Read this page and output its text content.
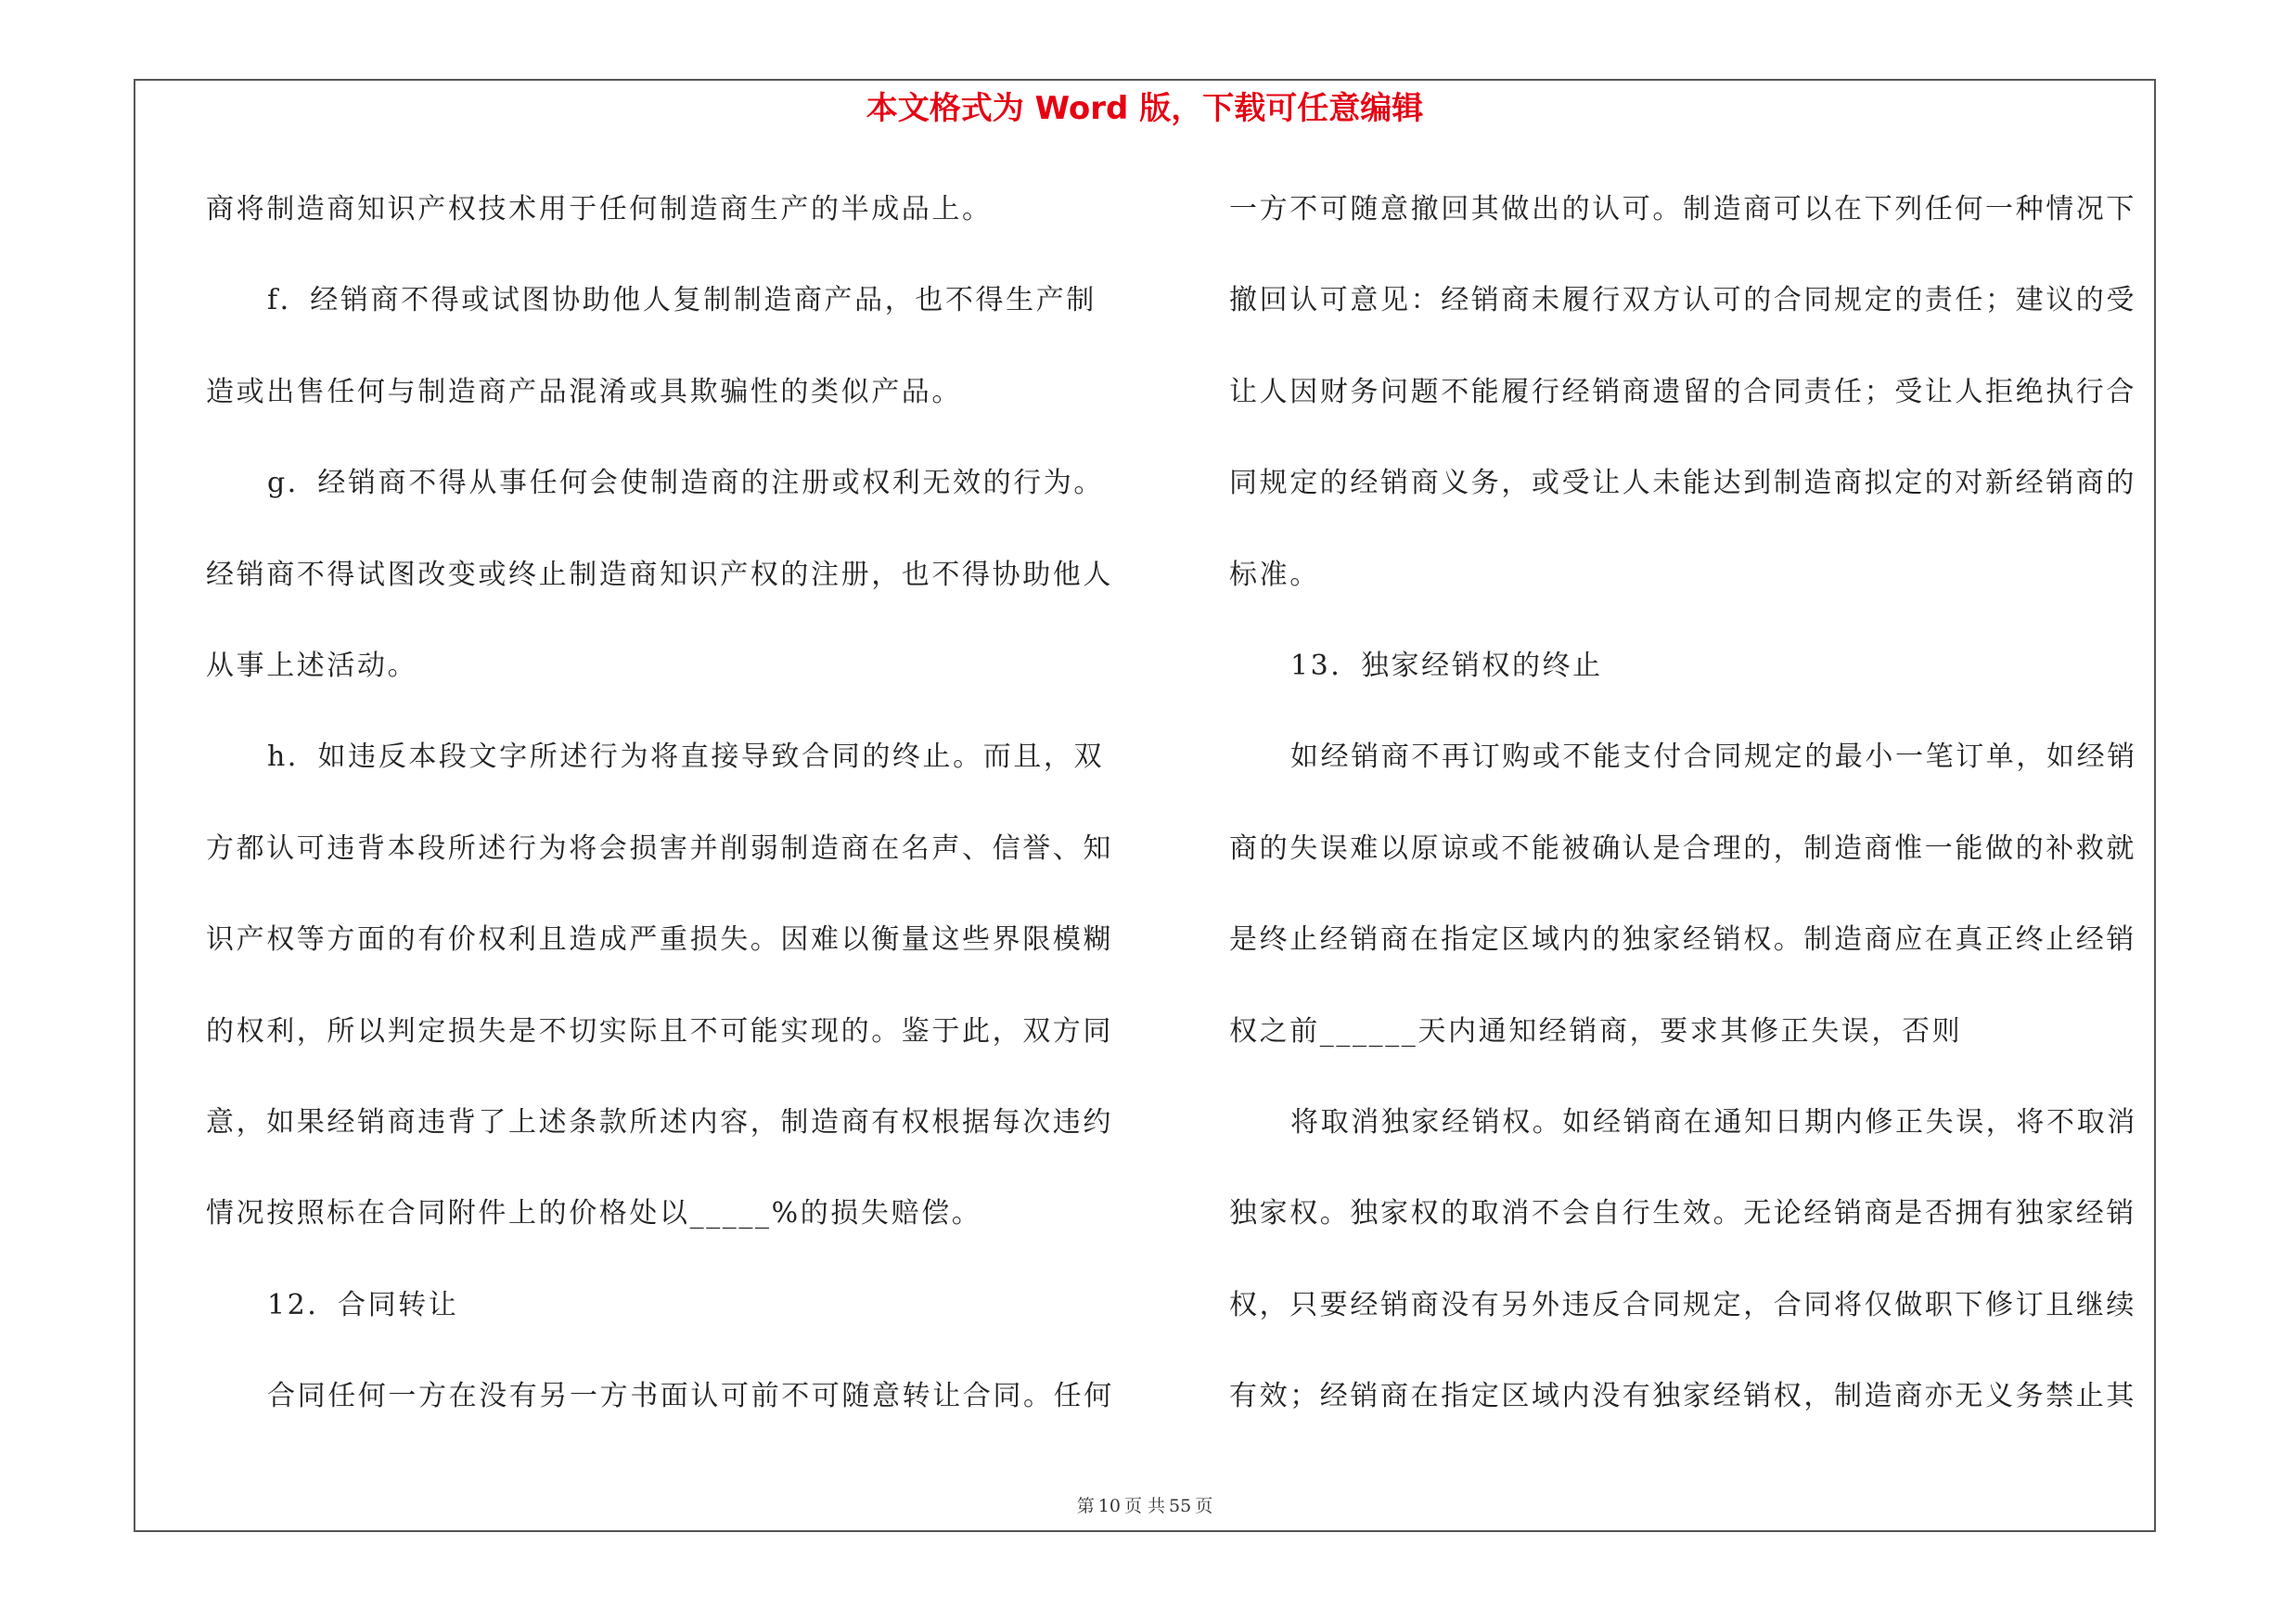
本文格式为 Word 版，下载可任意编辑
商将制造商知识产权技术用于任何制造商生产的半成品上。
f．经销商不得或试图协助他人复制制造商产品，也不得生产制
造或出售任何与制造商产品混淆或具欺骗性的类似产品。
g．经销商不得从事任何会使制造商的注册或权利无效的行为。
经销商不得试图改变或终止制造商知识产权的注册，也不得协助他人
从事上述活动。
h．如违反本段文字所述行为将直接导致合同的终止。而且，双
方都认可违背本段所述行为将会损害并削弱制造商在名声、信誉、知
识产权等方面的有价权利且造成严重损失。因难以衡量这些界限模糊
的权利，所以判定损失是不切实际且不可能实现的。鉴于此，双方同
意，如果经销商违背了上述条款所述内容，制造商有权根据每次违约
情况按照标在合同附件上的价格处以_____%的损失赔偿。
12．合同转让
合同任何一方在没有另一方书面认可前不可随意转让合同。任何
一方不可随意撤回其做出的认可。制造商可以在下列任何一种情况下
撤回认可意见：经销商未履行双方认可的合同规定的责任；建议的受
让人因财务问题不能履行经销商遗留的合同责任；受让人拒绝执行合
同规定的经销商义务，或受让人未能达到制造商拟定的对新经销商的
标准。
13．独家经销权的终止
如经销商不再订购或不能支付合同规定的最小一笔订单，如经销
商的失误难以原谅或不能被确认是合理的，制造商惟一能做的补救就
是终止经销商在指定区域内的独家经销权。制造商应在真正终止经销
权之前______天内通知经销商，要求其修正失误，否则
将取消独家经销权。如经销商在通知日期内修正失误，将不取消
独家权。独家权的取消不会自行生效。无论经销商是否拥有独家经销
权，只要经销商没有另外违反合同规定，合同将仅做职下修订且继续
有效；经销商在指定区域内没有独家经销权，制造商亦无义务禁止其
第 10 页 共 55 页
